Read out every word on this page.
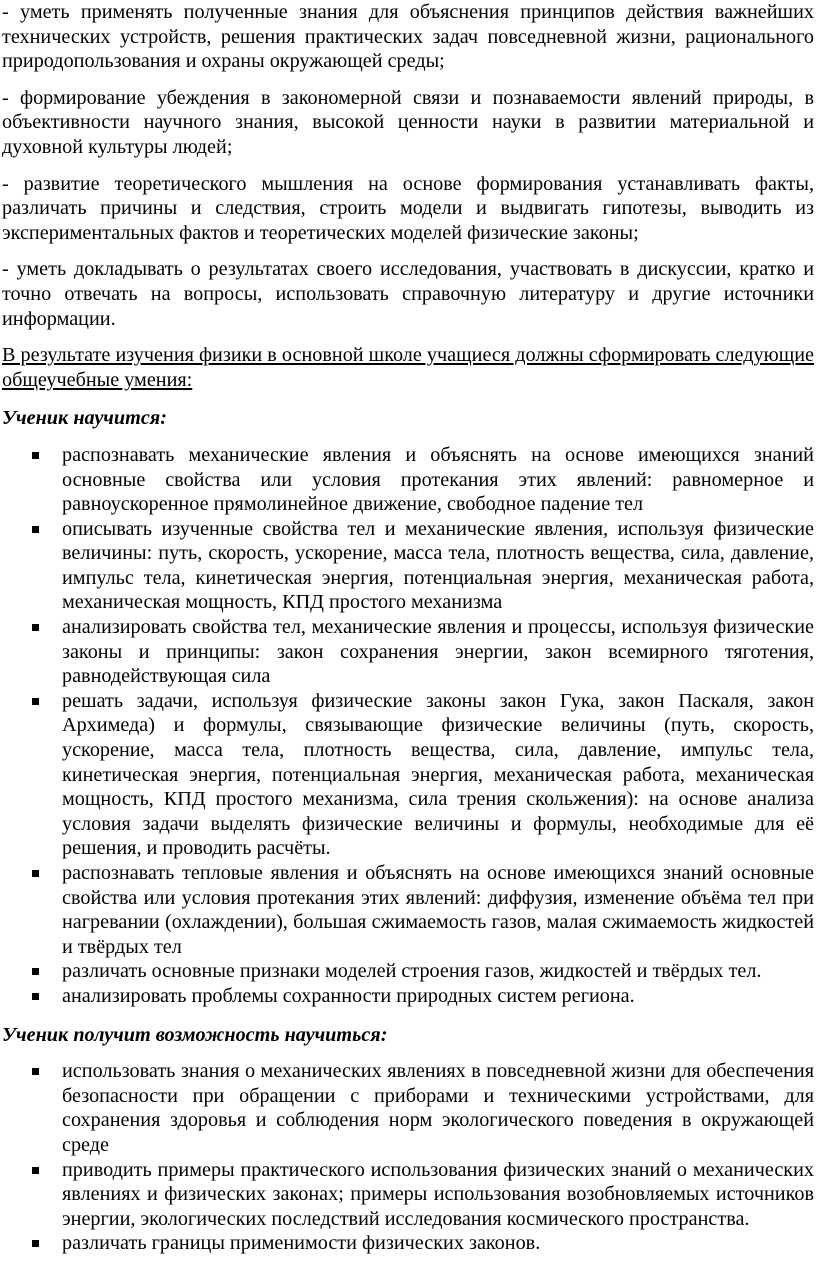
- уметь применять полученные знания для объяснения принципов действия важнейших технических устройств, решения практических задач повседневной жизни, рационального природопользования и охраны окружающей среды;

- формирование убеждения в закономерной связи и познаваемости явлений природы, в объективности научного знания, высокой ценности науки в развитии материальной и духовной культуры людей;

- развитие теоретического мышления на основе формирования устанавливать факты, различать причины и следствия, строить модели и выдвигать гипотезы, выводить из экспериментальных фактов и теоретических моделей физические законы;

- уметь докладывать о результатах своего исследования, участвовать в дискуссии, кратко и точно отвечать на вопросы, использовать справочную литературу и другие источники информации.

В результате изучения физики в основной школе учащиеся должны сформировать следующие общеучебные умения:

Ученик научится:

распознавать механические явления и объяснять на основе имеющихся знаний основные свойства или условия протекания этих явлений: равномерное и равноускоренное прямолинейное движение, свободное падение тел
описывать изученные свойства тел и механические явления, используя физические величины: путь, скорость, ускорение, масса тела, плотность вещества, сила, давление, импульс тела, кинетическая энергия, потенциальная энергия, механическая работа, механическая мощность, КПД простого механизма
анализировать свойства тел, механические явления и процессы, используя физические законы и принципы: закон сохранения энергии, закон всемирного тяготения, равнодействующая сила
решать задачи, используя физические законы закон Гука, закон Паскаля, закон Архимеда) и формулы, связывающие физические величины (путь, скорость, ускорение, масса тела, плотность вещества, сила, давление, импульс тела, кинетическая энергия, потенциальная энергия, механическая работа, механическая мощность, КПД простого механизма, сила трения скольжения): на основе анализа условия задачи выделять физические величины и формулы, необходимые для её решения, и проводить расчёты.
распознавать тепловые явления и объяснять на основе имеющихся знаний основные свойства или условия протекания этих явлений: диффузия, изменение объёма тел при нагревании (охлаждении), большая сжимаемость газов, малая сжимаемость жидкостей и твёрдых тел
различать основные признаки моделей строения газов, жидкостей и твёрдых тел.
анализировать проблемы сохранности природных систем региона.

Ученик получит возможность научиться:

использовать знания о механических явлениях в повседневной жизни для обеспечения безопасности при обращении с приборами и техническими устройствами, для сохранения здоровья и соблюдения норм экологического поведения в окружающей среде
приводить примеры практического использования физических знаний о механических явлениях и физических законах; примеры использования возобновляемых источников энергии, экологических последствий исследования космического пространства.
различать границы применимости физических законов.
